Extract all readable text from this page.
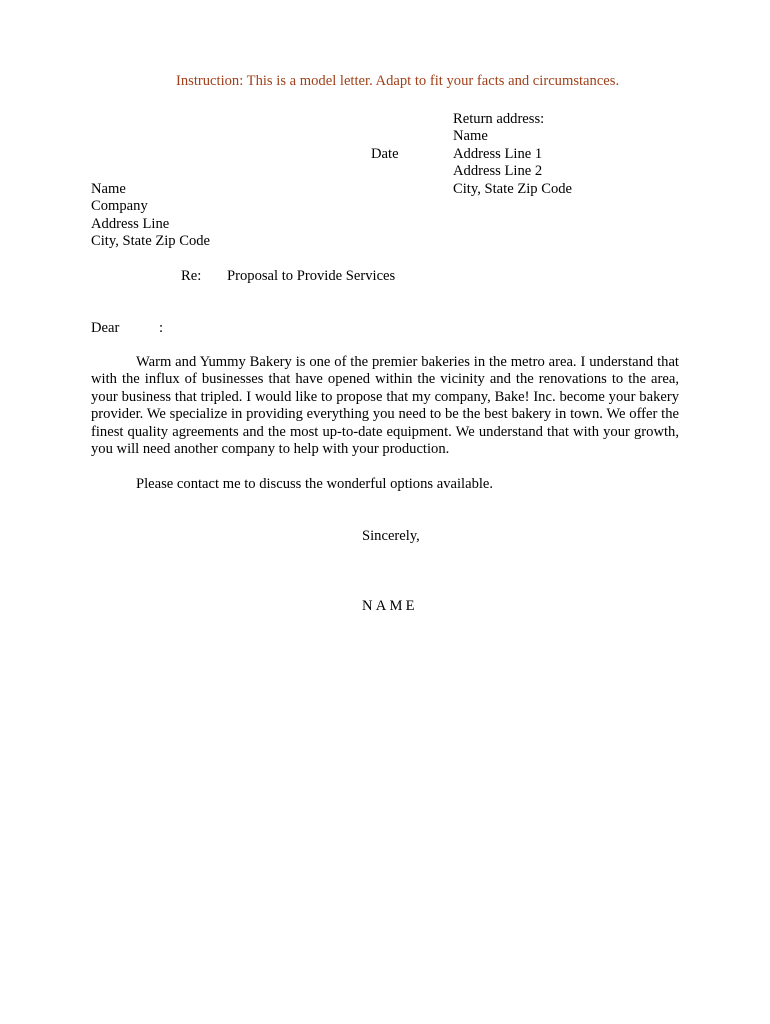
Instruction: This is a model letter. Adapt to fit your facts and circumstances.
Return address:
Name
Address Line 1
Address Line 2
City, State Zip Code
Date
Name
Company
Address Line
City, State Zip Code
Re: Proposal to Provide Services
Dear	:
Warm and Yummy Bakery is one of the premier bakeries in the metro area. I understand that with the influx of businesses that have opened within the vicinity and the renovations to the area, your business that tripled. I would like to propose that my company, Bake! Inc. become your bakery provider. We specialize in providing everything you need to be the best bakery in town. We offer the finest quality agreements and the most up-to-date equipment. We understand that with your growth, you will need another company to help with your production.
Please contact me to discuss the wonderful options available.
Sincerely,
NAME
